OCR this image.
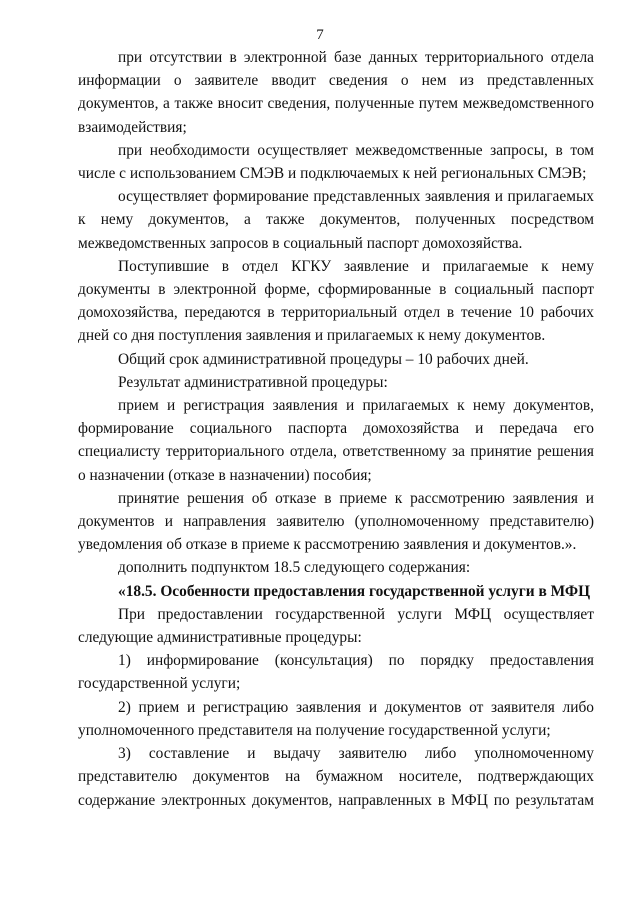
7

при отсутствии в электронной базе данных территориального отдела информации о заявителе вводит сведения о нем из представленных документов, а также вносит сведения, полученные путем межведомственного взаимодействия;

при необходимости осуществляет межведомственные запросы, в том числе с использованием СМЭВ и подключаемых к ней региональных СМЭВ;

осуществляет формирование представленных заявления и прилагаемых к нему документов, а также документов, полученных посредством межведомственных запросов в социальный паспорт домохозяйства.

Поступившие в отдел КГКУ заявление и прилагаемые к нему документы в электронной форме, сформированные в социальный паспорт домохозяйства, передаются в территориальный отдел в течение 10 рабочих дней со дня поступления заявления и прилагаемых к нему документов.

Общий срок административной процедуры – 10 рабочих дней.

Результат административной процедуры:

прием и регистрация заявления и прилагаемых к нему документов, формирование социального паспорта домохозяйства и передача его специалисту территориального отдела, ответственному за принятие решения о назначении (отказе в назначении) пособия;

принятие решения об отказе в приеме к рассмотрению заявления и документов и направления заявителю (уполномоченному представителю) уведомления об отказе в приеме к рассмотрению заявления и документов.».

дополнить подпунктом 18.5 следующего содержания:

«18.5. Особенности предоставления государственной услуги в МФЦ

При предоставлении государственной услуги МФЦ осуществляет следующие административные процедуры:

1) информирование (консультация) по порядку предоставления государственной услуги;

2) прием и регистрацию заявления и документов от заявителя либо уполномоченного представителя на получение государственной услуги;

3) составление и выдачу заявителю либо уполномоченному представителю документов на бумажном носителе, подтверждающих содержание электронных документов, направленных в МФЦ по результатам
